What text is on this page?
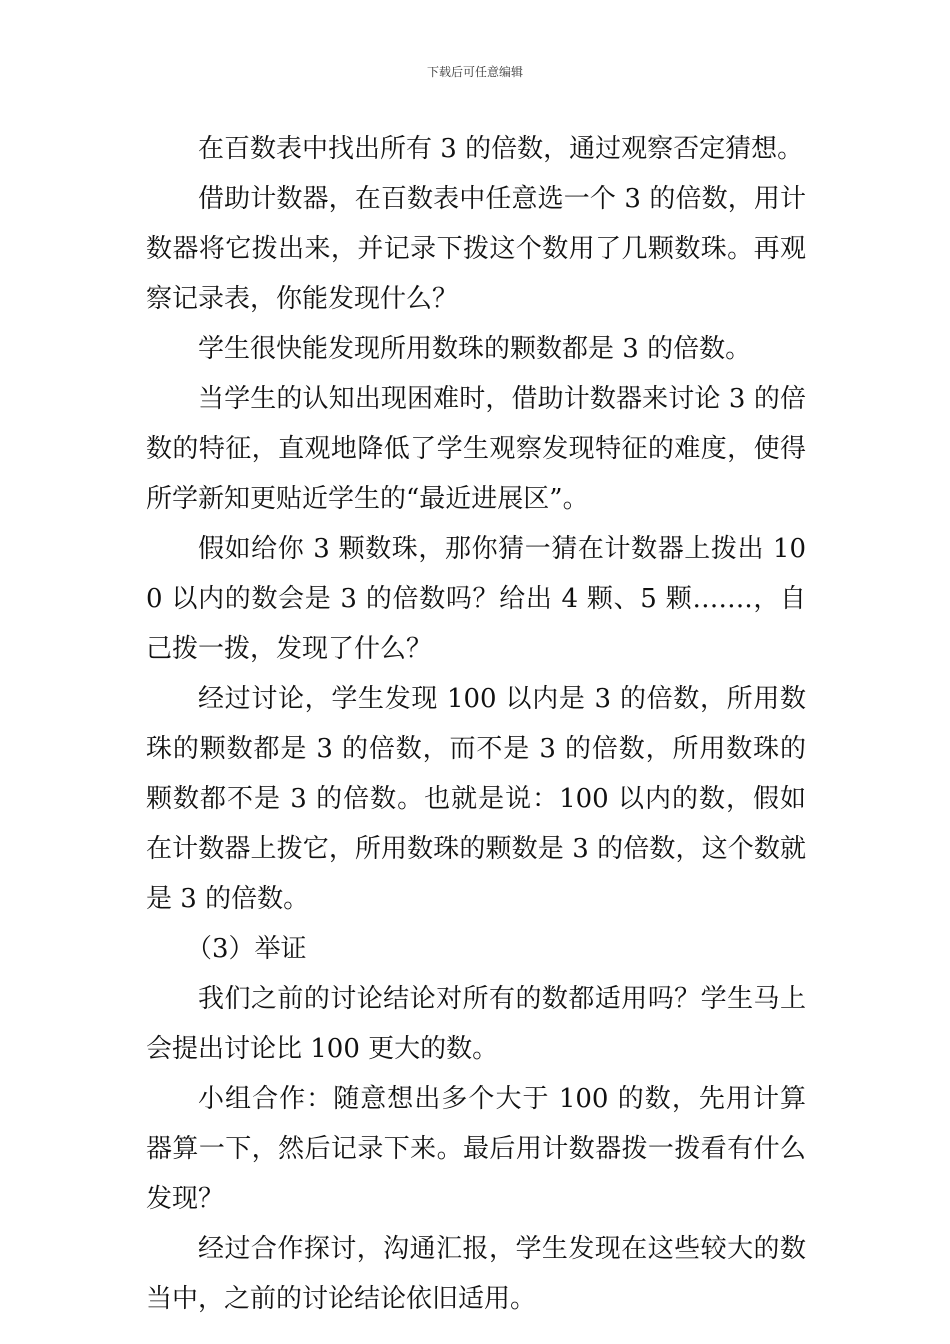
下载后可任意编辑

在百数表中找出所有 3 的倍数，通过观察否定猜想。

借助计数器，在百数表中任意选一个 3 的倍数，用计数器将它拨出来，并记录下拨这个数用了几颗数珠。再观察记录表，你能发现什么？

学生很快能发现所用数珠的颗数都是 3 的倍数。

当学生的认知出现困难时，借助计数器来讨论 3 的倍数的特征，直观地降低了学生观察发现特征的难度，使得所学新知更贴近学生的“最近进展区”。

假如给你 3 颗数珠，那你猜一猜在计数器上拨出 100 以内的数会是 3 的倍数吗？给出 4 颗、5 颗…….，自己拨一拨，发现了什么？

经过讨论，学生发现 100 以内是 3 的倍数，所用数珠的颗数都是 3 的倍数，而不是 3 的倍数，所用数珠的颗数都不是 3 的倍数。也就是说：100 以内的数，假如在计数器上拨它，所用数珠的颗数是 3 的倍数，这个数就是 3 的倍数。

（3）举证

我们之前的讨论结论对所有的数都适用吗？学生马上会提出讨论比 100 更大的数。

小组合作：随意想出多个大于 100 的数，先用计算器算一下，然后记录下来。最后用计数器拨一拨看有什么发现？

经过合作探讨，沟通汇报，学生发现在这些较大的数当中，之前的讨论结论依旧适用。
